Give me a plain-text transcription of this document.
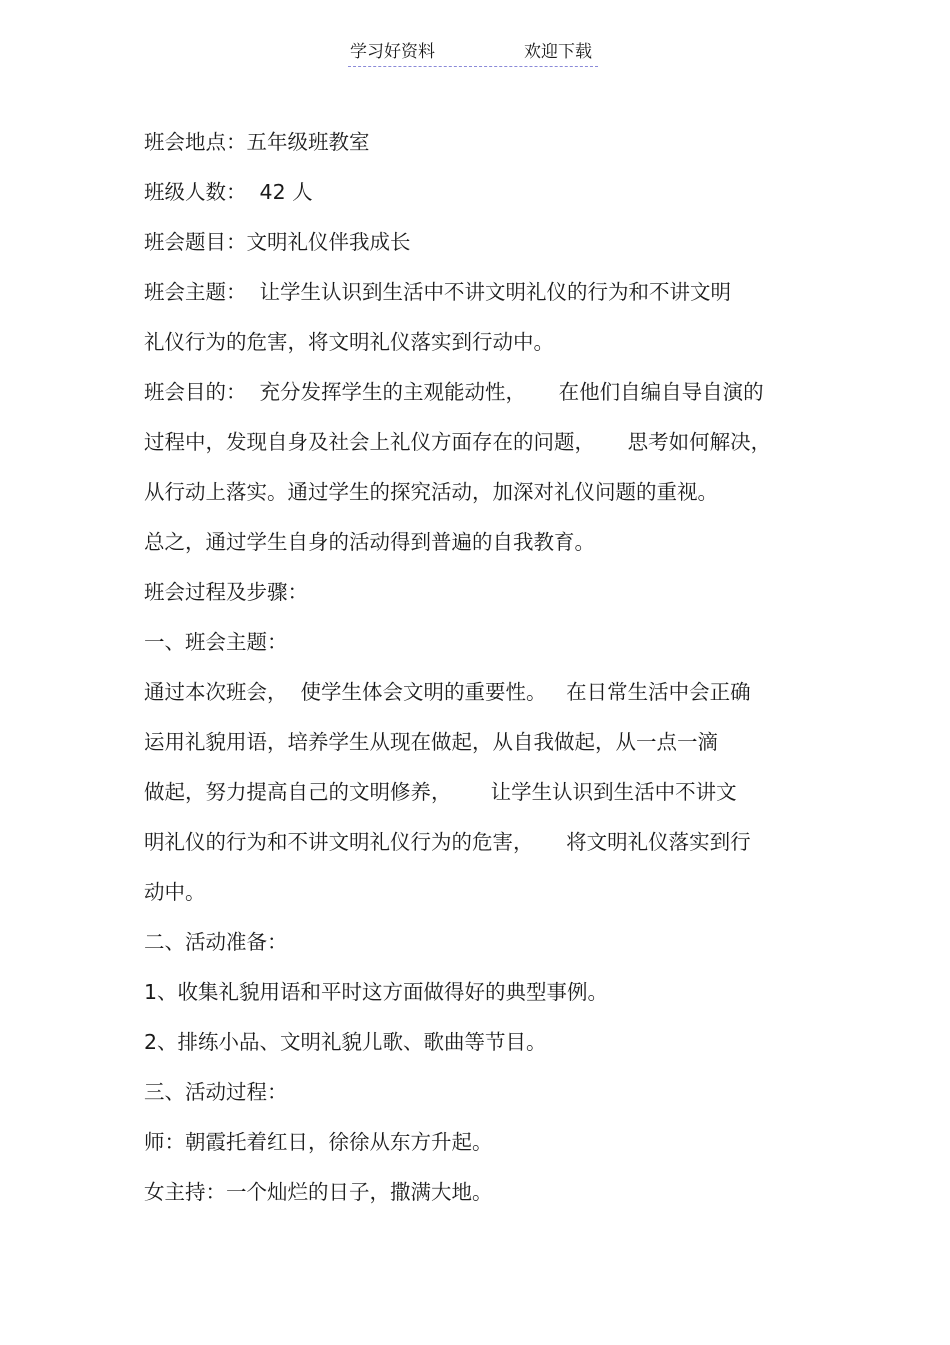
学习好资料	欢迎下载
班会地点：五年级班教室
班级人数：  42 人
班会题目：文明礼仪伴我成长
班会主题：  让学生认识到生活中不讲文明礼仪的行为和不讲文明
礼仪行为的危害，将文明礼仪落实到行动中。
班会目的：  充分发挥学生的主观能动性，     在他们自编自导自演的
过程中，发现自身及社会上礼仪方面存在的问题，     思考如何解决，
从行动上落实。通过学生的探究活动，加深对礼仪问题的重视。
总之，通过学生自身的活动得到普遍的自我教育。
班会过程及步骤：
一、班会主题：
通过本次班会，  使学生体会文明的重要性。   在日常生活中会正确
运用礼貌用语，培养学生从现在做起，从自我做起，从一点一滴
做起，努力提高自己的文明修养，      让学生认识到生活中不讲文
明礼仪的行为和不讲文明礼仪行为的危害，     将文明礼仪落实到行
动中。
二、活动准备：
1、收集礼貌用语和平时这方面做得好的典型事例。
2、排练小品、文明礼貌儿歌、歌曲等节目。
三、活动过程：
师：朝霞托着红日，徐徐从东方升起。
女主持：一个灿烂的日子，撒满大地。
